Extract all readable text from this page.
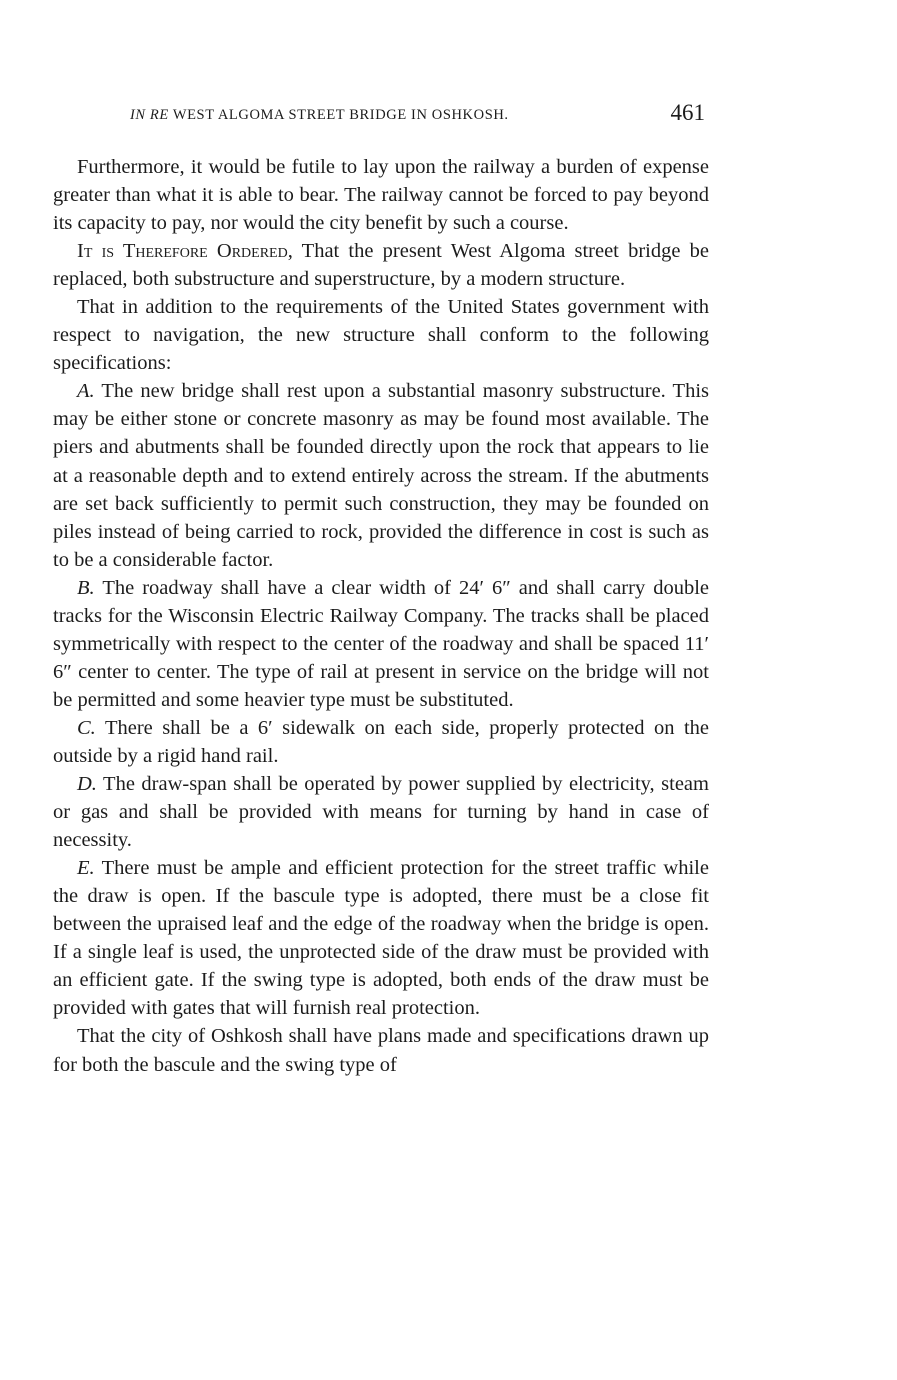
IN RE WEST ALGOMA STREET BRIDGE IN OSHKOSH.	461

Furthermore, it would be futile to lay upon the railway a burden of expense greater than what it is able to bear. The railway cannot be forced to pay beyond its capacity to pay, nor would the city benefit by such a course.

It is Therefore Ordered, That the present West Algoma street bridge be replaced, both substructure and superstructure, by a modern structure.

That in addition to the requirements of the United States government with respect to navigation, the new structure shall conform to the following specifications:

A. The new bridge shall rest upon a substantial masonry substructure. This may be either stone or concrete masonry as may be found most available. The piers and abutments shall be founded directly upon the rock that appears to lie at a reasonable depth and to extend entirely across the stream. If the abutments are set back sufficiently to permit such construction, they may be founded on piles instead of being carried to rock, provided the difference in cost is such as to be a considerable factor.

B. The roadway shall have a clear width of 24′ 6″ and shall carry double tracks for the Wisconsin Electric Railway Company. The tracks shall be placed symmetrically with respect to the center of the roadway and shall be spaced 11′ 6″ center to center. The type of rail at present in service on the bridge will not be permitted and some heavier type must be substituted.

C. There shall be a 6′ sidewalk on each side, properly protected on the outside by a rigid hand rail.

D. The draw-span shall be operated by power supplied by electricity, steam or gas and shall be provided with means for turning by hand in case of necessity.

E. There must be ample and efficient protection for the street traffic while the draw is open. If the bascule type is adopted, there must be a close fit between the upraised leaf and the edge of the roadway when the bridge is open. If a single leaf is used, the unprotected side of the draw must be provided with an efficient gate. If the swing type is adopted, both ends of the draw must be provided with gates that will furnish real protection.

That the city of Oshkosh shall have plans made and specifications drawn up for both the bascule and the swing type of
